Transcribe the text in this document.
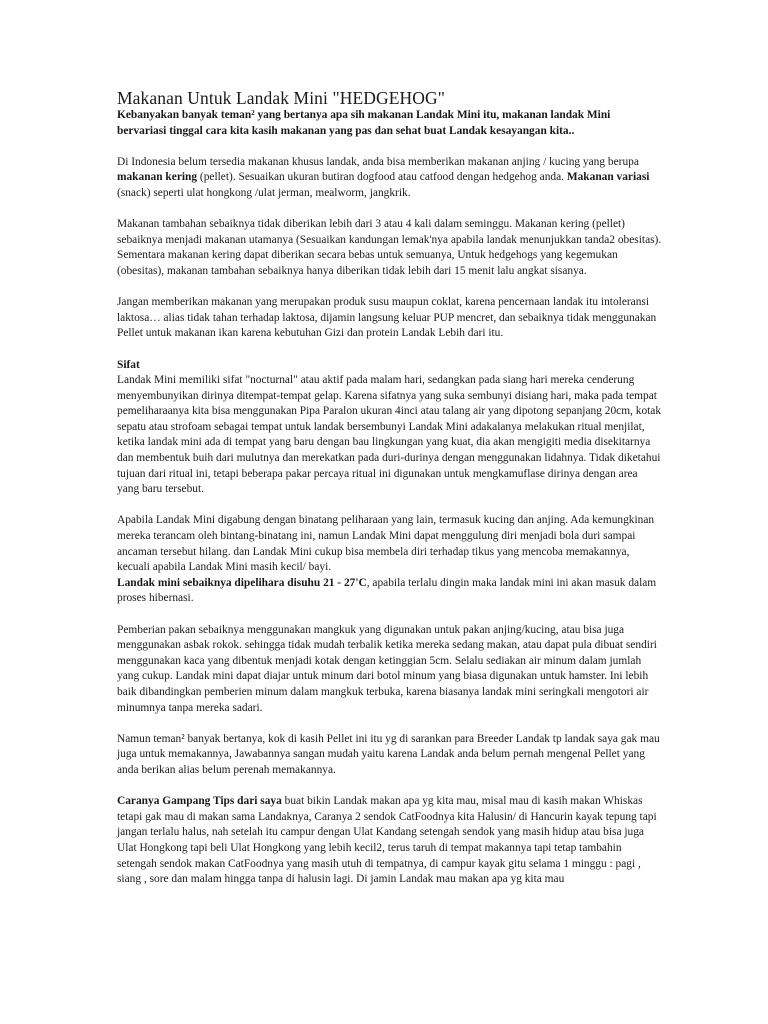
Makanan Untuk Landak Mini "HEDGEHOG"

Kebanyakan banyak teman² yang bertanya apa sih makanan Landak Mini itu, makanan landak Mini bervariasi tinggal cara kita kasih makanan yang pas dan sehat buat Landak kesayangan kita..

Di Indonesia belum tersedia makanan khusus landak, anda bisa memberikan makanan anjing / kucing yang berupa makanan kering (pellet). Sesuaikan ukuran butiran dogfood atau catfood dengan hedgehog anda. Makanan variasi (snack) seperti ulat hongkong /ulat jerman, mealworm, jangkrik.

Makanan tambahan sebaiknya tidak diberikan lebih dari 3 atau 4 kali dalam seminggu. Makanan kering (pellet) sebaiknya menjadi makanan utamanya (Sesuaikan kandungan lemak'nya apabila landak menunjukkan tanda2 obesitas). Sementara makanan kering dapat diberikan secara bebas untuk semuanya, Untuk hedgehogs yang kegemukan (obesitas), makanan tambahan sebaiknya hanya diberikan tidak lebih dari 15 menit lalu angkat sisanya.

Jangan memberikan makanan yang merupakan produk susu maupun coklat, karena pencernaan landak itu intoleransi laktosa… alias tidak tahan terhadap laktosa, dijamin langsung keluar PUP mencret, dan sebaiknya tidak menggunakan Pellet untuk makanan ikan karena kebutuhan Gizi dan protein Landak Lebih dari itu.

Sifat

Landak Mini memiliki sifat "nocturnal" atau aktif pada malam hari, sedangkan pada siang hari mereka cenderung menyembunyikan dirinya ditempat-tempat gelap. Karena sifatnya yang suka sembunyi disiang hari, maka pada tempat pemeliharaanya kita bisa menggunakan Pipa Paralon ukuran 4inci atau talang air yang dipotong sepanjang 20cm, kotak sepatu atau strofoam sebagai tempat untuk landak bersembunyi Landak Mini adakalanya melakukan ritual menjilat, ketika landak mini ada di tempat yang baru dengan bau lingkungan yang kuat, dia akan mengigiti media disekitarnya dan membentuk buih dari mulutnya dan merekatkan pada duri-durinya dengan menggunakan lidahnya. Tidak diketahui tujuan dari ritual ini, tetapi beberapa pakar percaya ritual ini digunakan untuk mengkamuflase dirinya dengan area yang baru tersebut.

Apabila Landak Mini digabung dengan binatang peliharaan yang lain, termasuk kucing dan anjing. Ada kemungkinan mereka terancam oleh bintang-binatang ini, namun Landak Mini dapat menggulung diri menjadi bola duri sampai ancaman tersebut hilang. dan Landak Mini cukup bisa membela diri terhadap tikus yang mencoba memakannya, kecuali apabila Landak Mini masih kecil/ bayi.

Landak mini sebaiknya dipelihara disuhu 21 - 27'C, apabila terlalu dingin maka landak mini ini akan masuk dalam proses hibernasi.

Pemberian pakan sebaiknya menggunakan mangkuk yang digunakan untuk pakan anjing/kucing, atau bisa juga menggunakan asbak rokok. sehingga tidak mudah terbalik ketika mereka sedang makan, atau dapat pula dibuat sendiri menggunakan kaca yang dibentuk menjadi kotak dengan ketinggian 5cm. Selalu sediakan air minum dalam jumlah yang cukup. Landak mini dapat diajar untuk minum dari botol minum yang biasa digunakan untuk hamster. Ini lebih baik dibandingkan pemberien minum dalam mangkuk terbuka, karena biasanya landak mini seringkali mengotori air minumnya tanpa mereka sadari.

Namun teman² banyak bertanya, kok di kasih Pellet ini itu yg di sarankan para Breeder Landak tp landak saya gak mau juga untuk memakannya, Jawabannya sangan mudah yaitu karena Landak anda belum pernah mengenal Pellet yang anda berikan alias belum perenah memakannya.

Caranya Gampang Tips dari saya buat bikin Landak makan apa yg kita mau, misal mau di kasih makan Whiskas tetapi gak mau di makan sama Landaknya, Caranya 2 sendok CatFoodnya kita Halusin/ di Hancurin kayak tepung tapi jangan terlalu halus, nah setelah itu campur dengan Ulat Kandang setengah sendok yang masih hidup atau bisa juga Ulat Hongkong tapi beli Ulat Hongkong yang lebih kecil2, terus taruh di tempat makannya tapi tetap tambahin setengah sendok makan CatFoodnya yang masih utuh di tempatnya, di campur kayak gitu selama 1 minggu : pagi , siang , sore dan malam hingga tanpa di halusin lagi. Di jamin Landak mau makan apa yg kita mau
